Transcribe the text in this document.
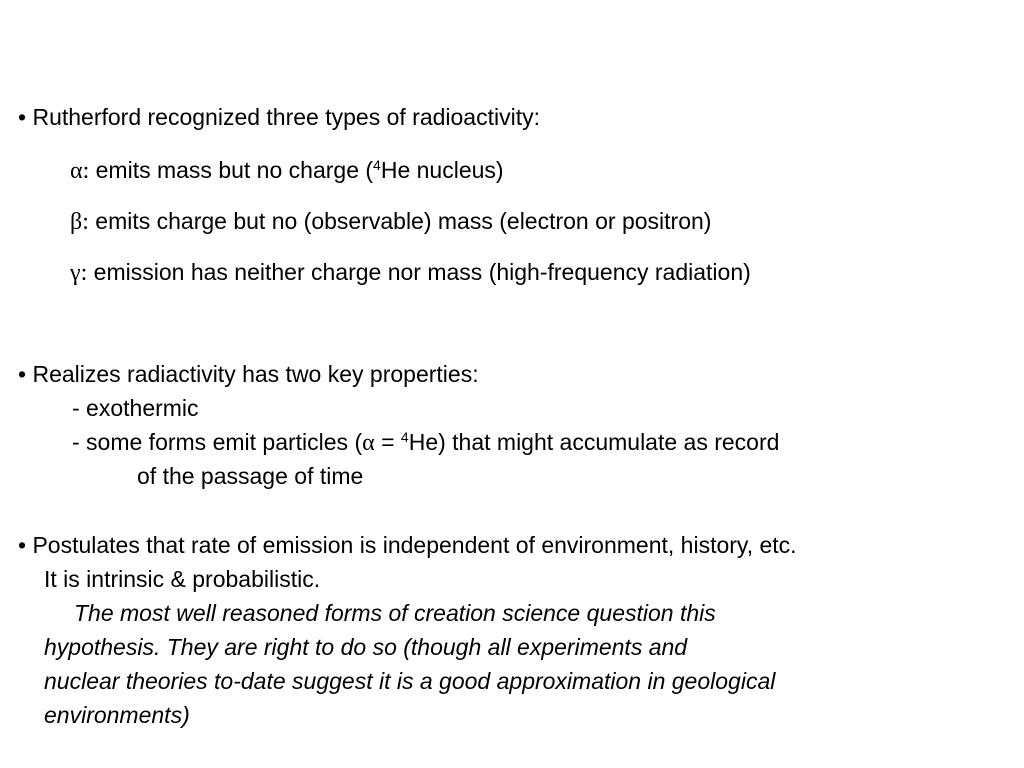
• Rutherford recognized three types of radioactivity:
α: emits mass but no charge ($^4$He nucleus)
β: emits charge but no (observable) mass (electron or positron)
γ: emission has neither charge nor mass (high-frequency radiation)
• Realizes radiactivity has two key properties:
- exothermic
- some forms emit particles (α = $^4$He) that might accumulate as record
of the passage of time
• Postulates that rate of emission is independent of environment, history, etc.
It is intrinsic & probabilistic.
The most well reasoned forms of creation science question this
hypothesis. They are right to do so (though all experiments and
nuclear theories to-date suggest it is a good approximation in geological
environments)
